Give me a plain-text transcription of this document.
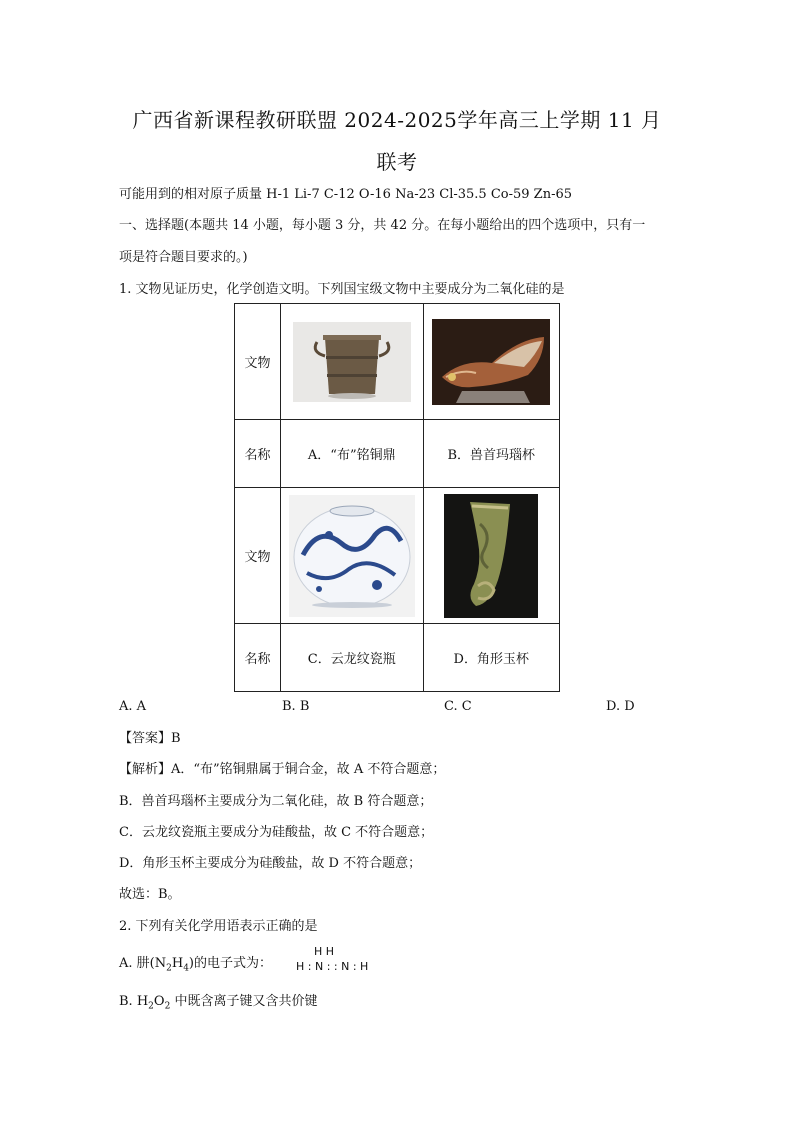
广西省新课程教研联盟 2024-2025学年高三上学期 11 月
联考
可能用到的相对原子质量 H-1 Li-7 C-12 O-16 Na-23 Cl-35.5 Co-59 Zn-65
一、选择题(本题共 14 小题，每小题 3 分，共 42 分。在每小题给出的四个选项中，只有一
项是符合题目要求的。)
1. 文物见证历史，化学创造文明。下列国宝级文物中主要成分为二氧化硅的是
文物	

名称	A．“布”铭铜鼎	B．兽首玛瑙杯
文物	

名称	C．云龙纹瓷瓶	D．角形玉杯
A. A	B. B	C. C	D. D
【答案】B
【解析】A．“布”铭铜鼎属于铜合金，故 A 不符合题意；
B．兽首玛瑙杯主要成分为二氧化硅，故 B 符合题意；
C．云龙纹瓷瓶主要成分为硅酸盐，故 C 不符合题意；
D．角形玉杯主要成分为硅酸盐，故 D 不符合题意；
故选：B。
2. 下列有关化学用语表示正确的是
A. 肼$(N_2H_4)$的电子式为：
H H
H : N : : N : H
B. $H_2O_2$ 中既含离子键又含共价键
